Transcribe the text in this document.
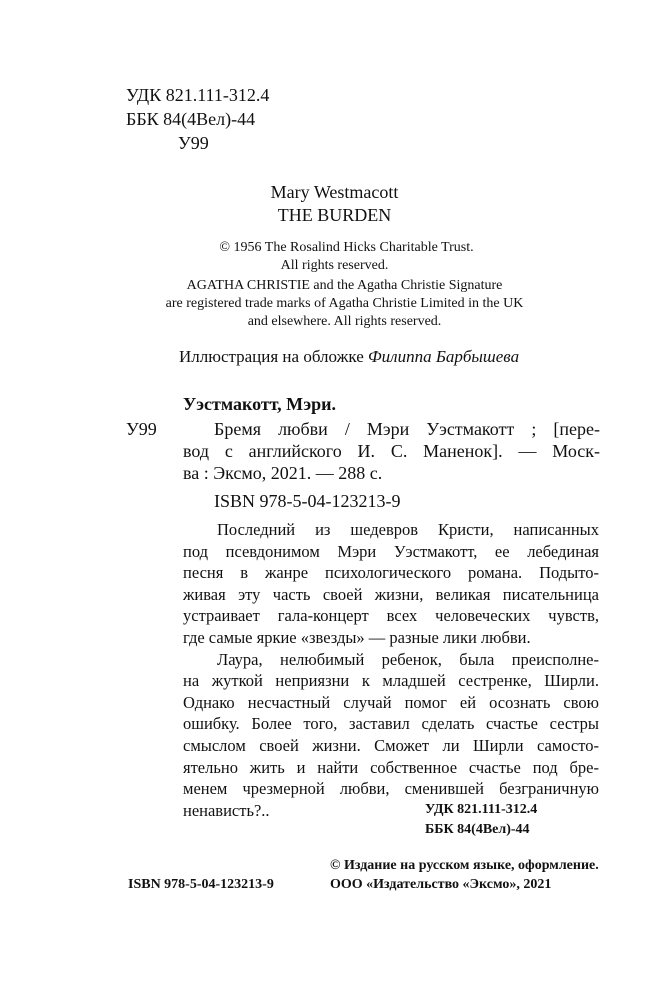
УДК 821.111-312.4
ББК 84(4Вел)-44
У99
Mary Westmacott
THE BURDEN
© 1956 The Rosalind Hicks Charitable Trust.
All rights reserved.
AGATHA CHRISTIE and the Agatha Christie Signature
are registered trade marks of Agatha Christie Limited in the UK
and elsewhere. All rights reserved.
Иллюстрация на обложке Филиппа Барбышева
Уэстмакотт, Мэри.
У99	Бремя любви / Мэри Уэстмакотт ; [пере-
вод с английского И. С. Маненок]. — Моск-
ва : Эксмо, 2021. — 288 с.
ISBN 978-5-04-123213-9
Последний из шедевров Кристи, написанных
под псевдонимом Мэри Уэстмакотт, ее лебединая
песня в жанре психологического романа. Подыто-
живая эту часть своей жизни, великая писательница
устраивает гала-концерт всех человеческих чувств,
где самые яркие «звезды» — разные лики любви.
Лаура, нелюбимый ребенок, была преисполне-
на жуткой неприязни к младшей сестренке, Ширли.
Однако несчастный случай помог ей осознать свою
ошибку. Более того, заставил сделать счастье сестры
смыслом своей жизни. Сможет ли Ширли самосто-
ятельно жить и найти собственное счастье под бре-
менем чрезмерной любви, сменившей безграничную
ненависть?..	УДК 821.111-312.4
ББК 84(4Вел)-44
ISBN 978-5-04-123213-9
© Издание на русском языке, оформление.
ООО «Издательство «Эксмо», 2021
